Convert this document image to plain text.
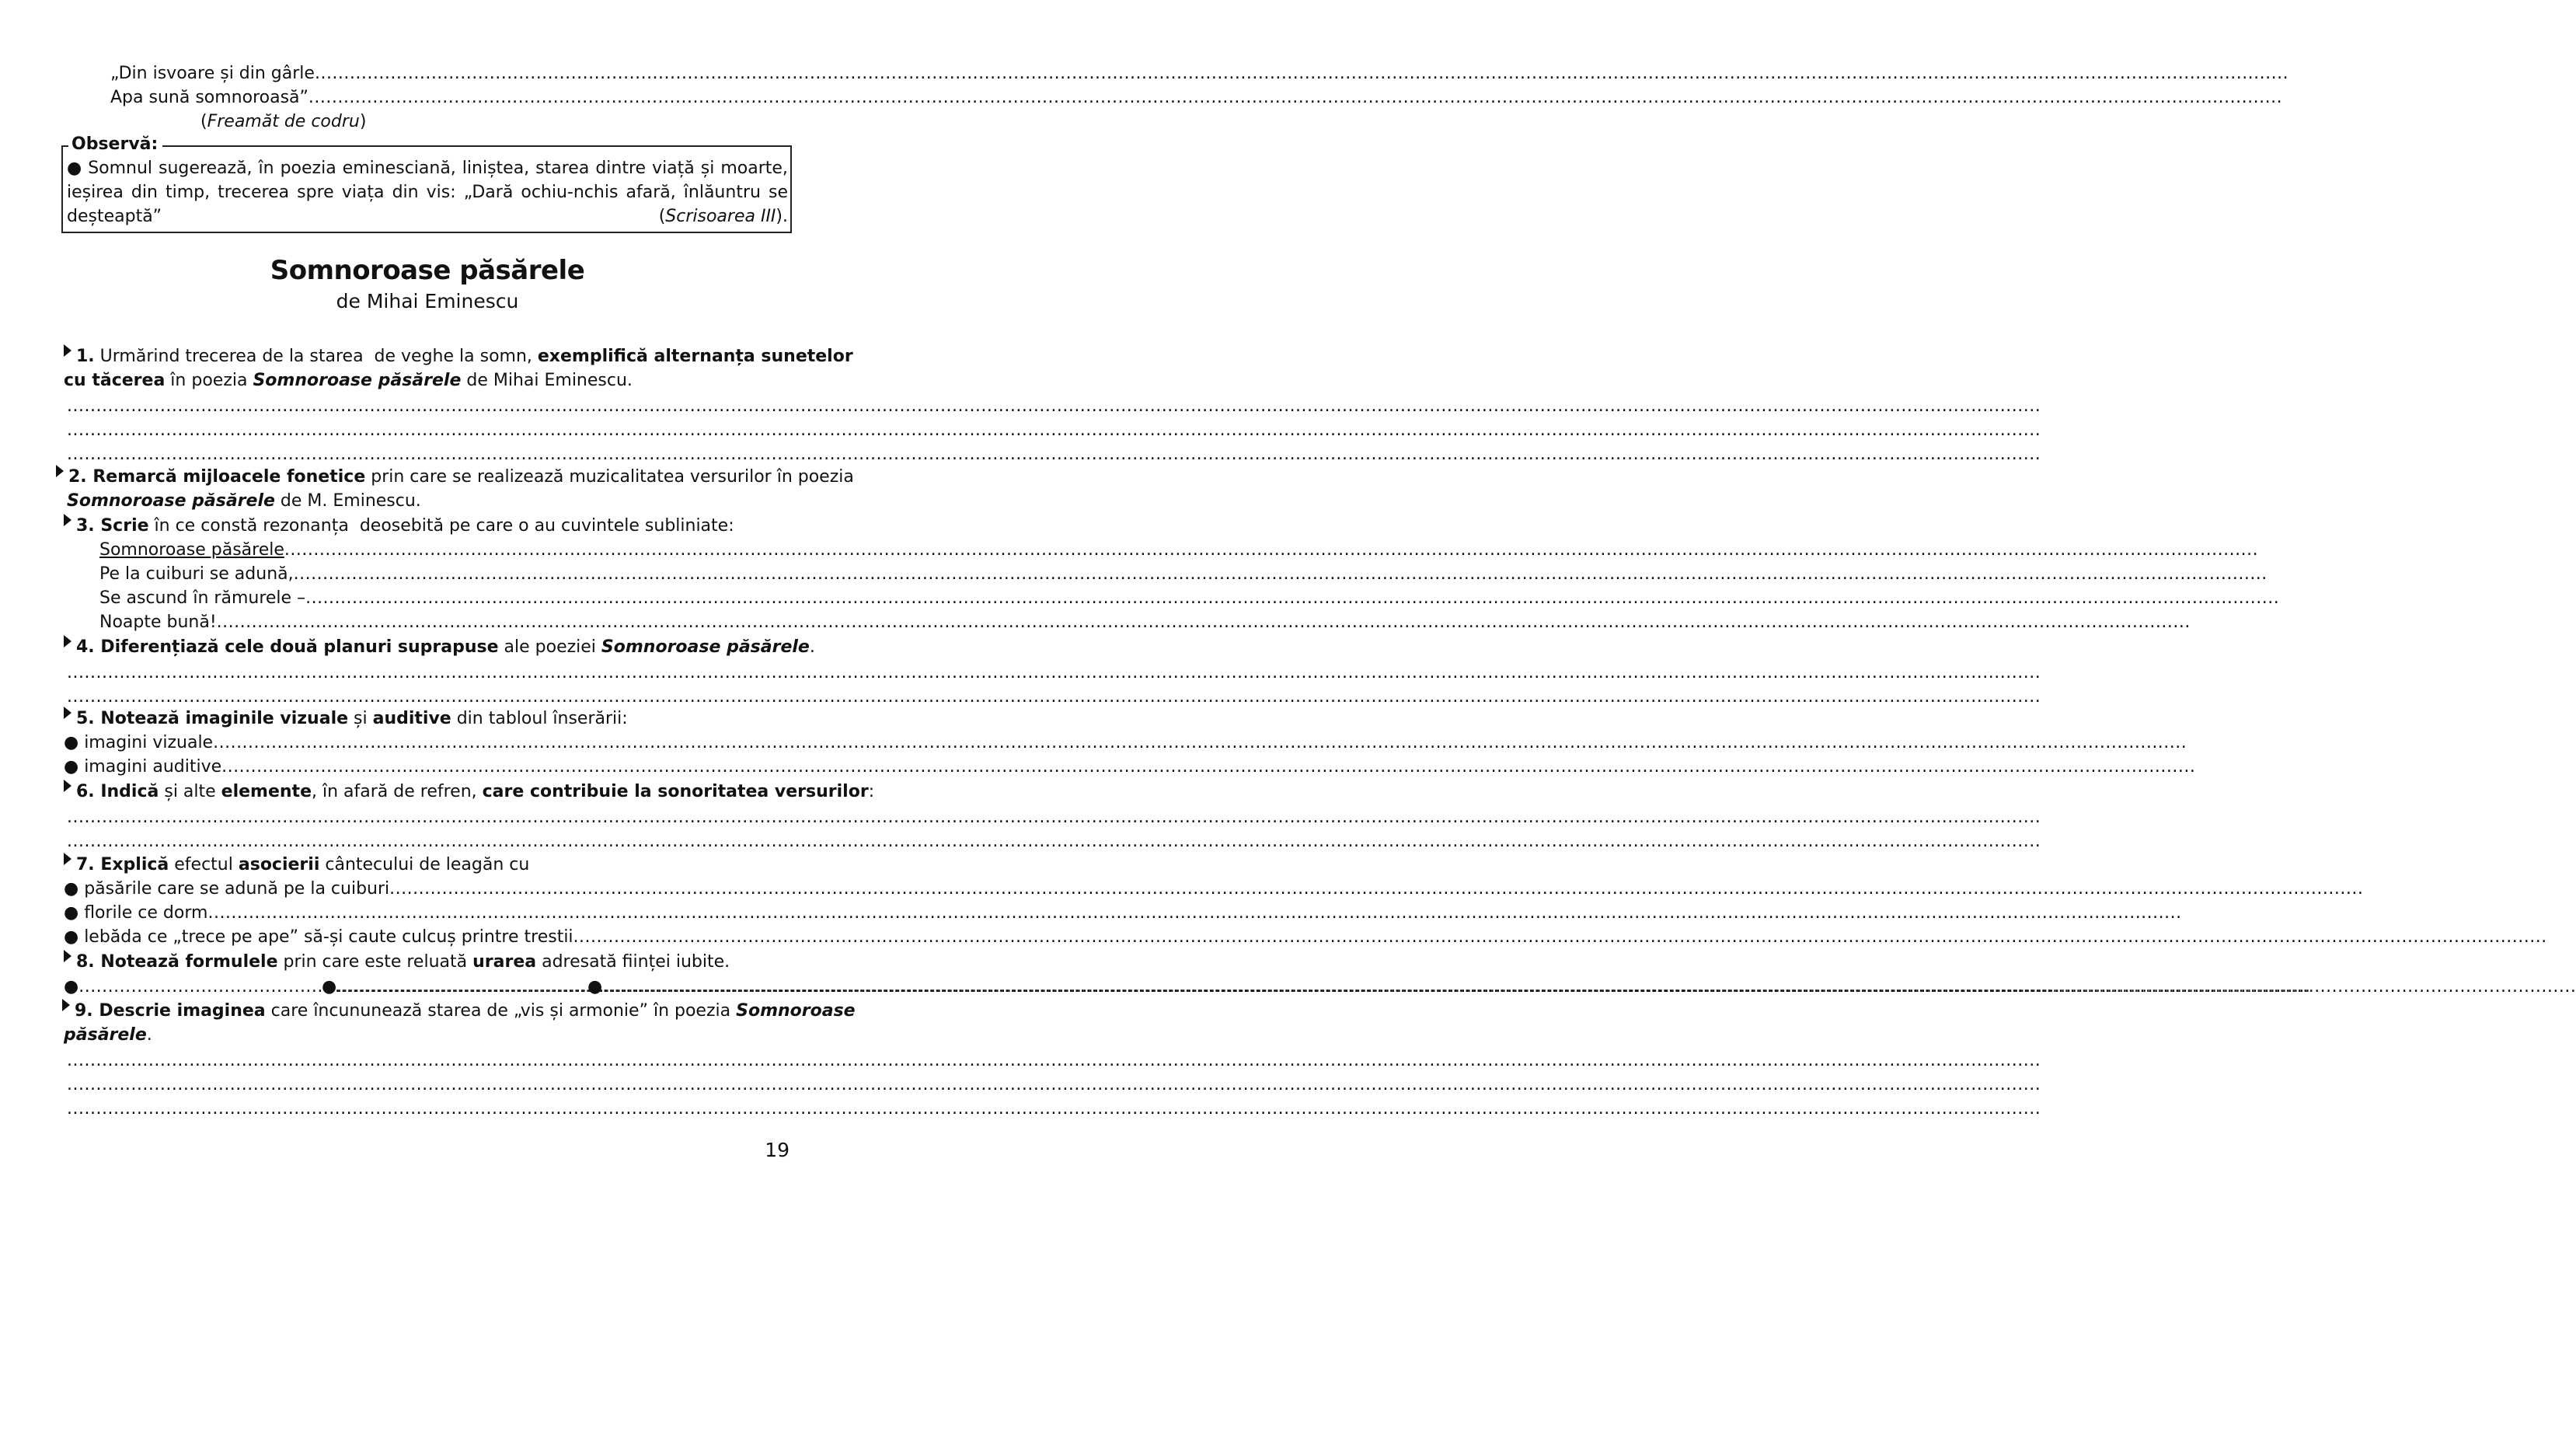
„Din isvoare și din gârle
.....
Apa sună somnoroasă”
.....
( Freamăt de codru )
Observă:
● Somnul sugerează, în poezia eminesciană, liniștea, starea dintre viață și moarte,
ieșirea din timp, trecerea spre viața din vis: „Dară ochiu-nchis afară, înlăuntru se
deșteaptă”	(Scrisoarea III).
Somnoroase păsărele
de Mihai Eminescu
1. Urmărind trecerea de la starea  de veghe la somn, exemplifică alternanța sunetelor
cu tăcerea în poezia Somnoroase păsărele de Mihai Eminescu.
.....
.....
.....
2. Remarcă mijloacele fonetice prin care se realizează muzicalitatea versurilor în poezia
Somnoroase păsărele de M. Eminescu.
3. Scrie în ce constă rezonanța  deosebită pe care o au cuvintele subliniate:
Somnoroase păsărele
.....
Pe la cuiburi se adună,
.....
Se ascund în rămurele –
.....
Noapte bună!
.....
4. Diferențiază cele două planuri suprapuse ale poeziei Somnoroase păsărele .
.....
.....
5. Notează imaginile vizuale și auditive din tabloul înserării:
● imagini vizuale
.....
● imagini auditive
.....
6. Indică și alte elemente , în afară de refren, care contribuie la sonoritatea versurilor :
.....
.....
7. Explică efectul asocierii cântecului de leagăn cu
● păsările care se adună pe la cuiburi
.....
● florile ce dorm
.....
● lebăda ce „trece pe ape” să-și caute culcuș printre trestii
.....
8. Notează formulele prin care este reluată urarea adresată ființei iubite.
● .....	● .....	●
.....
9. Descrie imaginea care încununează starea de „vis și armonie” în poezia Somnoroase
păsărele .
.....
.....
.....
19
